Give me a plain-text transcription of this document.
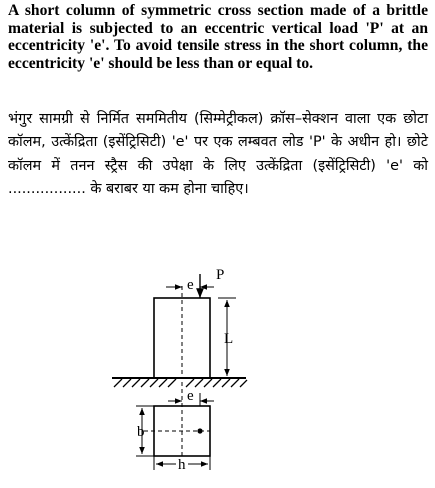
A short column of symmetric cross section made of a brittle material is subjected to an eccentric vertical load 'P' at an eccentricity 'e'. To avoid tensile stress in the short column, the eccentricity 'e' should be less than or equal to.
भंगुर सामग्री से निर्मित सममितीय (सिम्मेट्रीकल) क्रॉस–सेक्शन वाला एक छोटा कॉलम, उत्केंद्रिता (इसेंट्रिसिटी) 'e' पर एक लम्बवत लोड 'P' के अधीन हो। छोटे कॉलम में तनन स्ट्रैस की उपेक्षा के लिए उत्केंद्रिता (इसेंट्रिसिटी) 'e' को ................. के बराबर या कम होना चाहिए।
P
e
L
e
b
h
